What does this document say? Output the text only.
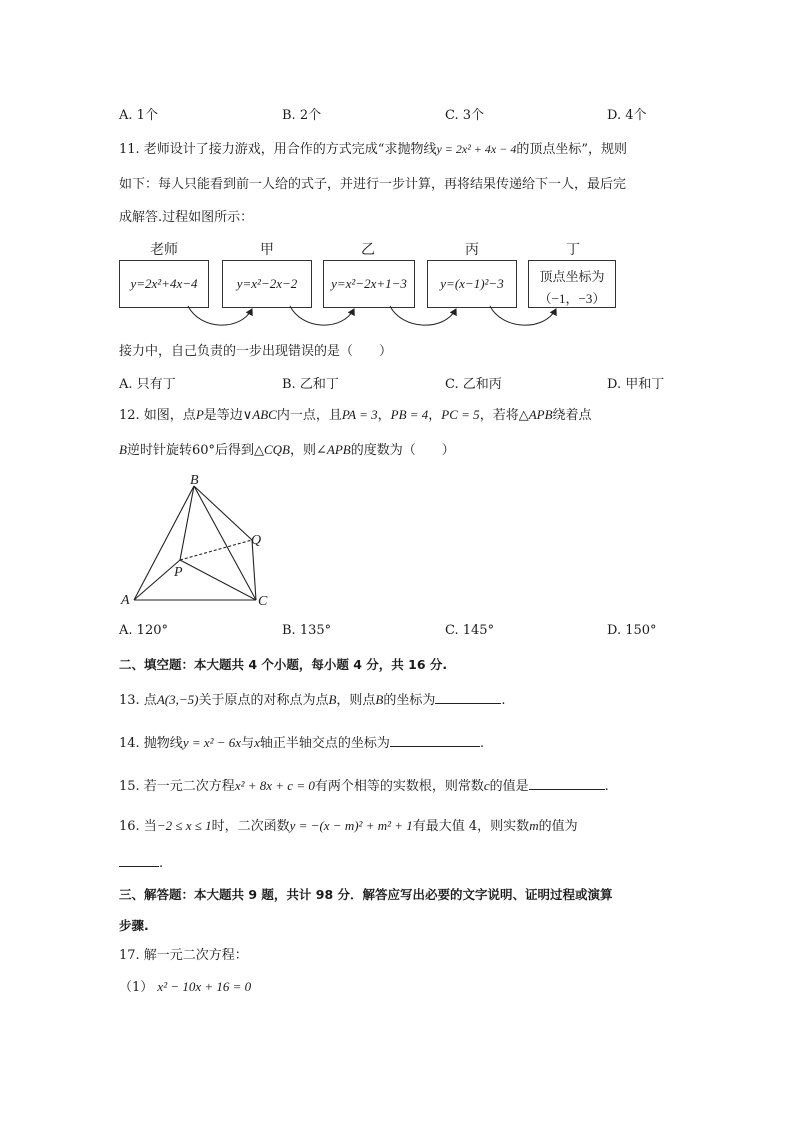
A. 1个	B. 2个	C. 3个	D. 4个
11. 老师设计了接力游戏，用合作的方式完成“求抛物线y = 2x² + 4x − 4的顶点坐标”，规则
如下：每人只能看到前一人给的式子，并进行一步计算，再将结果传递给下一人，最后完
成解答.过程如图所示：
老师	甲	乙	丙	丁
y=2x²+4x−4	y=x²−2x−2	y=x²−2x+1−3	y=(x−1)²−3	顶点坐标为
（−1，−3）
接力中，自己负责的一步出现错误的是（　　）
A. 只有丁	B. 乙和丁	C. 乙和丙	D. 甲和丁
12. 如图，点P是等边∨ABC内一点，且PA = 3，PB = 4，PC = 5，若将△APB绕着点
B逆时针旋转60°后得到△CQB，则∠APB的度数为（　　）
B
Q
P
A	C
A. 120°	B. 135°	C. 145°	D. 150°
二、填空题：本大题共 4 个小题，每小题 4 分，共 16 分.
13. 点A(3,−5)关于原点的对称点为点B，则点B的坐标为	.
14. 抛物线y = x² − 6x与x轴正半轴交点的坐标为	.
15. 若一元二次方程x² + 8x + c = 0有两个相等的实数根，则常数c的值是	.
16. 当−2 ≤ x ≤ 1时，二次函数y = −(x − m)² + m² + 1有最大值 4，则实数m的值为
.
三、解答题：本大题共 9 题，共计 98 分．解答应写出必要的文字说明、证明过程或演算
步骤.
17. 解一元二次方程：
（1） x² − 10x + 16 = 0
